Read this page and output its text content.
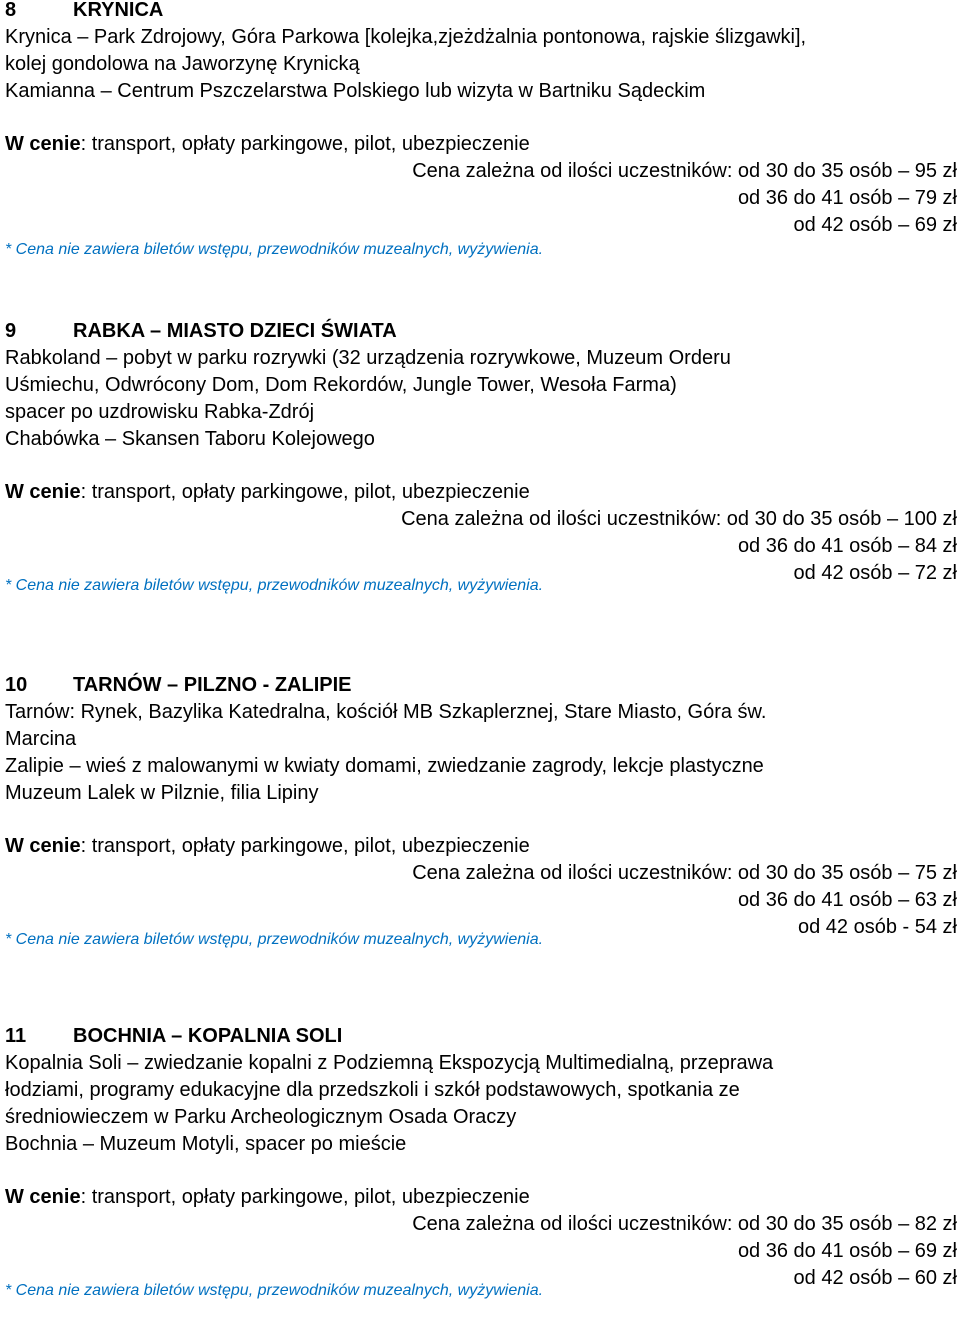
8	KRYNICA
Krynica – Park Zdrojowy, Góra Parkowa [kolejka,zjeżdżalnia pontonowa, rajskie ślizgawki],
kolej gondolowa na Jaworzynę Krynicką
Kamianna – Centrum Pszczelarstwa Polskiego lub wizyta w Bartniku Sądeckim
W cenie: transport, opłaty parkingowe, pilot, ubezpieczenie
Cena zależna od ilości uczestników: od 30 do 35 osób – 95 zł
od 36 do 41 osób – 79 zł
od 42 osób – 69 zł
* Cena nie zawiera biletów wstępu, przewodników muzealnych, wyżywienia.
9	RABKA – MIASTO DZIECI ŚWIATA
Rabkoland – pobyt w parku rozrywki (32 urządzenia rozrywkowe, Muzeum Orderu
Uśmiechu, Odwrócony Dom, Dom Rekordów, Jungle Tower, Wesoła Farma)
spacer po uzdrowisku Rabka-Zdrój
Chabówka – Skansen Taboru Kolejowego
W cenie: transport, opłaty parkingowe, pilot, ubezpieczenie
Cena zależna od ilości uczestników: od 30 do 35 osób – 100 zł
od 36 do 41 osób – 84 zł
od 42 osób – 72 zł
* Cena nie zawiera biletów wstępu, przewodników muzealnych, wyżywienia.
10 TARNÓW – PILZNO - ZALIPIE
Tarnów: Rynek, Bazylika Katedralna, kościół MB Szkaplerznej, Stare Miasto, Góra św.
Marcina
Zalipie – wieś z malowanymi w kwiaty domami, zwiedzanie zagrody, lekcje plastyczne
Muzeum Lalek w Pilznie, filia Lipiny
W cenie: transport, opłaty parkingowe, pilot, ubezpieczenie
Cena zależna od ilości uczestników: od 30 do 35 osób – 75 zł
od 36 do 41 osób – 63 zł
od 42 osób - 54 zł
* Cena nie zawiera biletów wstępu, przewodników muzealnych, wyżywienia.
11 BOCHNIA – KOPALNIA SOLI
Kopalnia Soli – zwiedzanie kopalni z Podziemną Ekspozycją Multimedialną, przeprawa
łodziami, programy edukacyjne dla przedszkoli i szkół podstawowych, spotkania ze
średniowieczem w Parku Archeologicznym Osada Oraczy
Bochnia – Muzeum Motyli, spacer po mieście
W cenie: transport, opłaty parkingowe, pilot, ubezpieczenie
Cena zależna od ilości uczestników: od 30 do 35 osób – 82 zł
od 36 do 41 osób – 69 zł
od 42 osób – 60 zł
* Cena nie zawiera biletów wstępu, przewodników muzealnych, wyżywienia.
